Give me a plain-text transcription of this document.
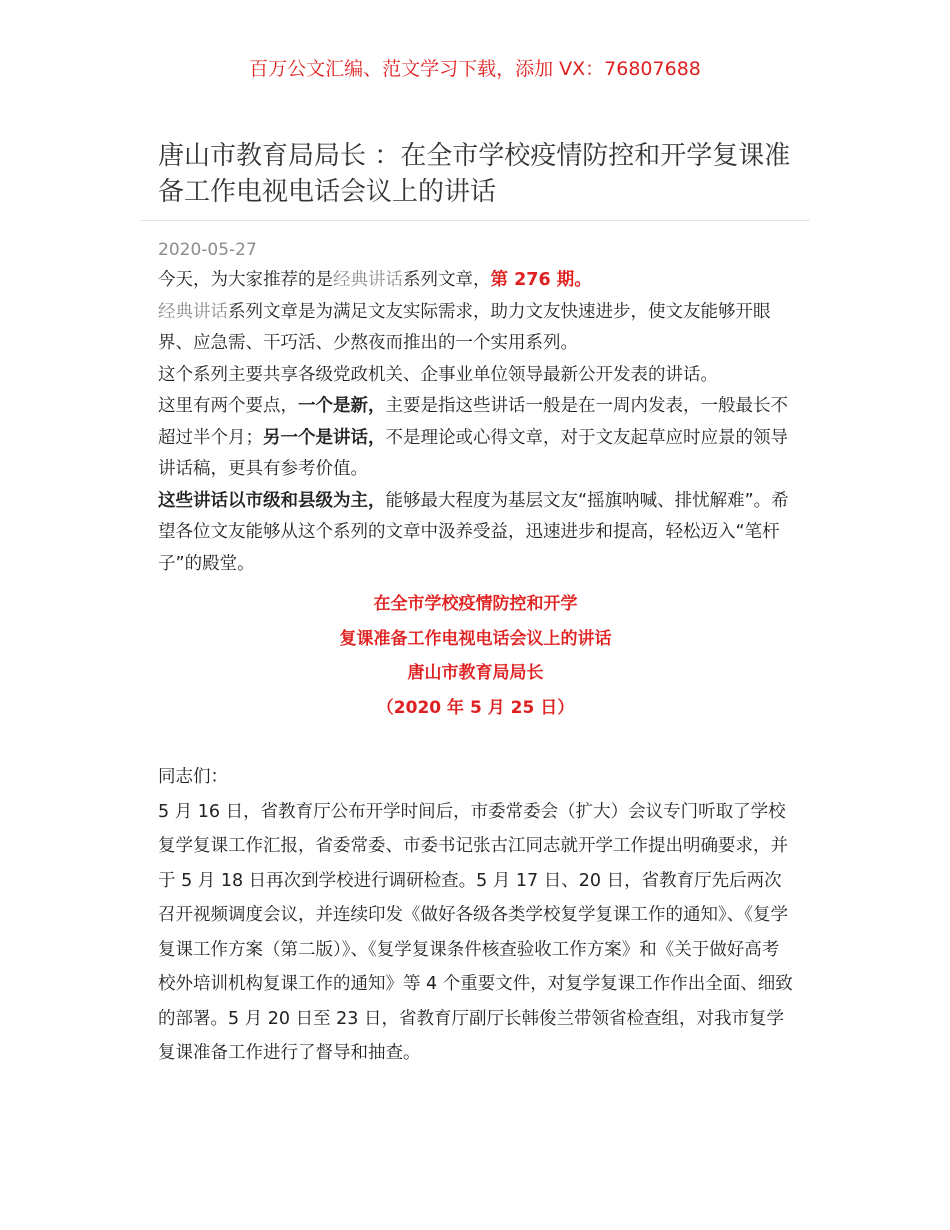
百万公文汇编、范文学习下载，添加 VX：76807688
唐山市教育局局长 ：在全市学校疫情防控和开学复课准备工作电视电话会议上的讲话
2020-05-27

今天，为大家推荐的是经典讲话系列文章，第 276 期。

经典讲话系列文章是为满足文友实际需求，助力文友快速进步，使文友能够开眼界、应急需、干巧活、少熬夜而推出的一个实用系列。

这个系列主要共享各级党政机关、企事业单位领导最新公开发表的讲话。

这里有两个要点，一个是新，主要是指这些讲话一般是在一周内发表，一般最长不超过半个月；另一个是讲话，不是理论或心得文章，对于文友起草应时应景的领导讲话稿，更具有参考价值。

这些讲话以市级和县级为主，能够最大程度为基层文友“摇旗呐喊、排忧解难”。希望各位文友能够从这个系列的文章中汲养受益，迅速进步和提高，轻松迈入“笔杆子”的殿堂。

在全市学校疫情防控和开学
复课准备工作电视电话会议上的讲话
唐山市教育局局长
（2020 年 5 月 25 日）

同志们：

5 月 16 日，省教育厅公布开学时间后，市委常委会（扩大）会议专门听取了学校复学复课工作汇报，省委常委、市委书记张古江同志就开学工作提出明确要求，并于 5 月 18 日再次到学校进行调研检查。5 月 17 日、20 日，省教育厅先后两次召开视频调度会议，并连续印发《做好各级各类学校复学复课工作的通知》、《复学复课工作方案（第二版）》、《复学复课条件核查验收工作方案》和《关于做好高考校外培训机构复课工作的通知》等 4 个重要文件，对复学复课工作作出全面、细致的部署。5 月 20 日至 23 日，省教育厅副厅长韩俊兰带领省检查组，对我市复学复课准备工作进行了督导和抽查。
